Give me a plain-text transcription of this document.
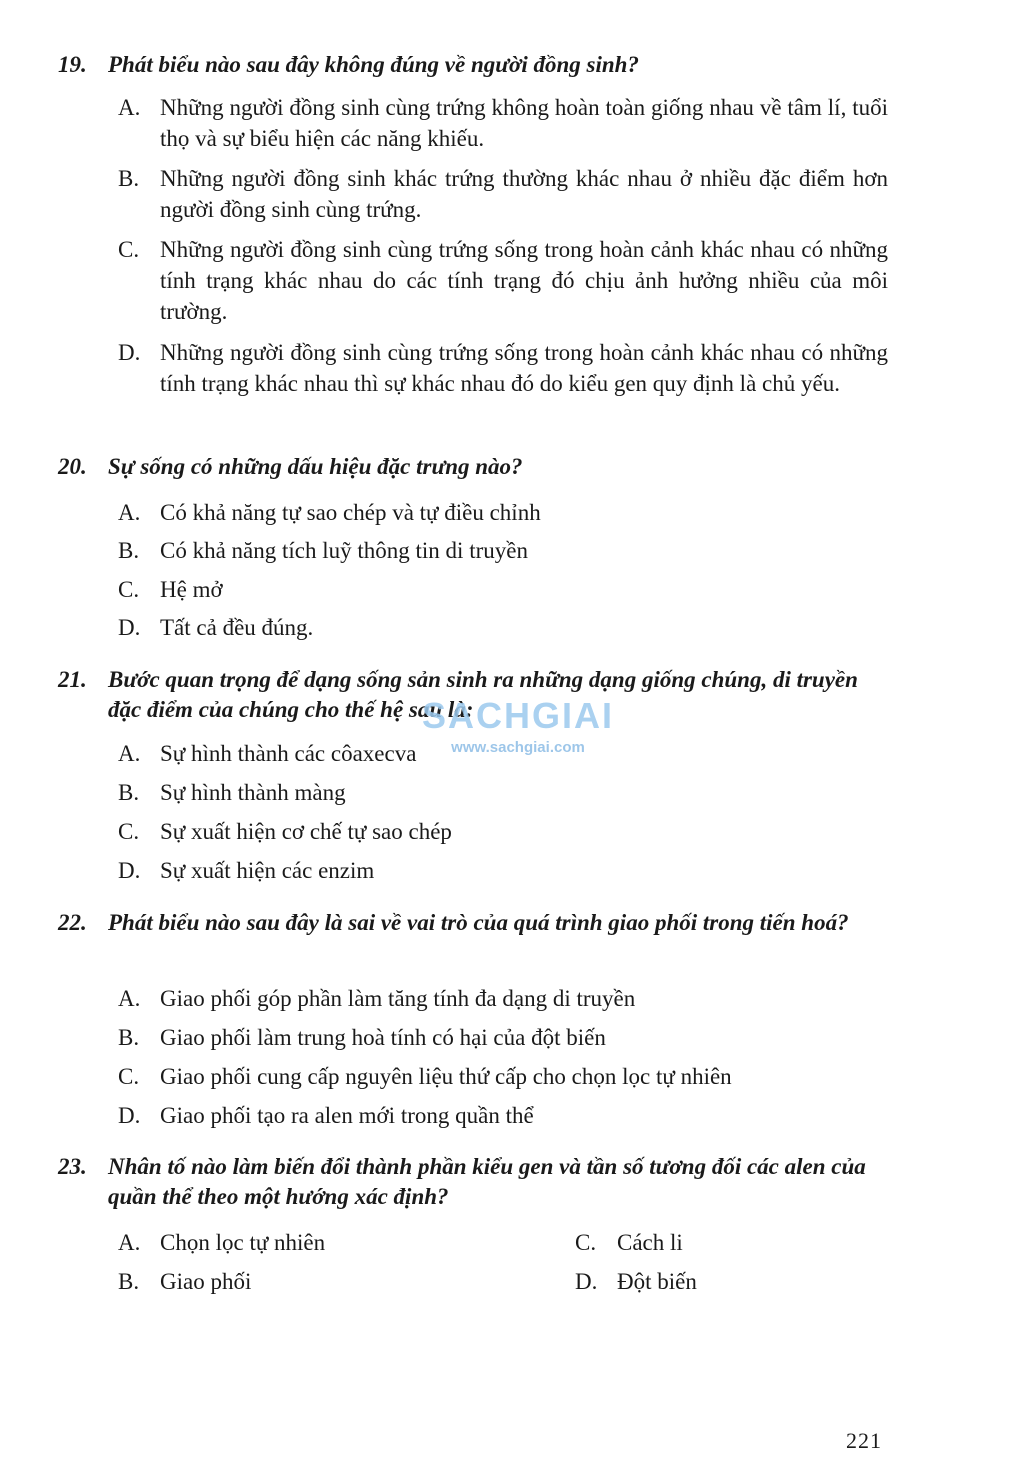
19. Phát biểu nào sau đây không đúng về người đồng sinh?
A. Những người đồng sinh cùng trứng không hoàn toàn giống nhau về tâm lí, tuổi thọ và sự biểu hiện các năng khiếu.
B. Những người đồng sinh khác trứng thường khác nhau ở nhiều đặc điểm hơn người đồng sinh cùng trứng.
C. Những người đồng sinh cùng trứng sống trong hoàn cảnh khác nhau có những tính trạng khác nhau do các tính trạng đó chịu ảnh hưởng nhiều của môi trường.
D. Những người đồng sinh cùng trứng sống trong hoàn cảnh khác nhau có những tính trạng khác nhau thì sự khác nhau đó do kiểu gen quy định là chủ yếu.
20. Sự sống có những dấu hiệu đặc trưng nào?
A. Có khả năng tự sao chép và tự điều chỉnh
B. Có khả năng tích luỹ thông tin di truyền
C. Hệ mở
D. Tất cả đều đúng.
21. Bước quan trọng để dạng sống sản sinh ra những dạng giống chúng, di truyền đặc điểm của chúng cho thế hệ sau là:
A. Sự hình thành các côaxecva
B. Sự hình thành màng
C. Sự xuất hiện cơ chế tự sao chép
D. Sự xuất hiện các enzim
22. Phát biểu nào sau đây là sai về vai trò của quá trình giao phối trong tiến hoá?
A. Giao phối góp phần làm tăng tính đa dạng di truyền
B. Giao phối làm trung hoà tính có hại của đột biến
C. Giao phối cung cấp nguyên liệu thứ cấp cho chọn lọc tự nhiên
D. Giao phối tạo ra alen mới trong quần thể
23. Nhân tố nào làm biến đổi thành phần kiểu gen và tần số tương đối các alen của quần thể theo một hướng xác định?
A. Chọn lọc tự nhiên
B. Giao phối
C. Cách li
D. Đột biến
SACHGIAI
www.sachgiai.com
221
